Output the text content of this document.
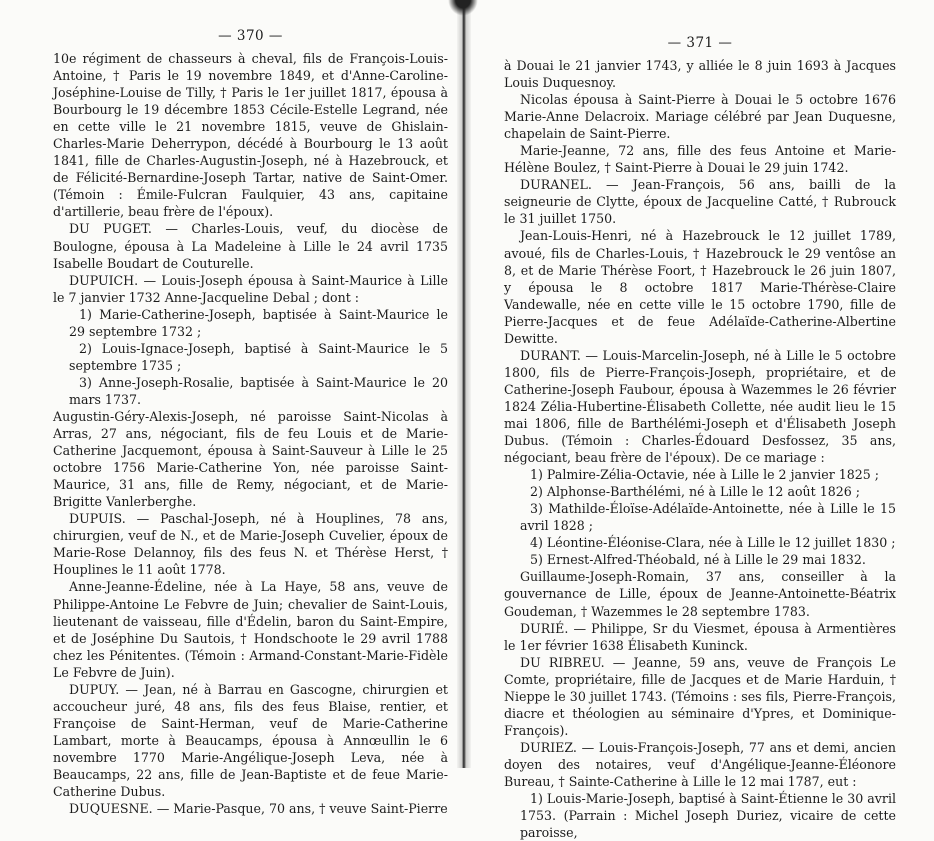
— 370 —

10e régiment de chasseurs à cheval, fils de François-Louis-Antoine, † Paris le 19 novembre 1849, et d'Anne-Caroline-Joséphine-Louise de Tilly, † Paris le 1er juillet 1817, épousa à Bourbourg le 19 décembre 1853 Cécile-Estelle Legrand, née en cette ville le 21 novembre 1815, veuve de Ghislain-Charles-Marie Deherrypon, décédé à Bourbourg le 13 août 1841, fille de Charles-Augustin-Joseph, né à Hazebrouck, et de Félicité-Bernardine-Joseph Tartar, native de Saint-Omer. (Témoin : Émile-Fulcran Faulquier, 43 ans, capitaine d'artillerie, beau frère de l'époux).

DU PUGET. — Charles-Louis, veuf, du diocèse de Boulogne, épousa à La Madeleine à Lille le 24 avril 1735 Isabelle Boudart de Couturelle.

DUPUICH. — Louis-Joseph épousa à Saint-Maurice à Lille le 7 janvier 1732 Anne-Jacqueline Debal ; dont :

1) Marie-Catherine-Joseph, baptisée à Saint-Maurice le 29 septembre 1732 ;

2) Louis-Ignace-Joseph, baptisé à Saint-Maurice le 5 septembre 1735 ;

3) Anne-Joseph-Rosalie, baptisée à Saint-Maurice le 20 mars 1737.

Augustin-Géry-Alexis-Joseph, né paroisse Saint-Nicolas à Arras, 27 ans, négociant, fils de feu Louis et de Marie-Catherine Jacquemont, épousa à Saint-Sauveur à Lille le 25 octobre 1756 Marie-Catherine Yon, née paroisse Saint-Maurice, 31 ans, fille de Remy, négociant, et de Marie-Brigitte Vanlerberghe.

DUPUIS. — Paschal-Joseph, né à Houplines, 78 ans, chirurgien, veuf de N., et de Marie-Joseph Cuvelier, époux de Marie-Rose Delannoy, fils des feus N. et Thérèse Herst, † Houplines le 11 août 1778.

Anne-Jeanne-Édeline, née à La Haye, 58 ans, veuve de Philippe-Antoine Le Febvre de Juin; chevalier de Saint-Louis, lieutenant de vaisseau, fille d'Édelin, baron du Saint-Empire, et de Joséphine Du Sautois, † Hondschoote le 29 avril 1788 chez les Pénitentes. (Témoin : Armand-Constant-Marie-Fidèle Le Febvre de Juin).

DUPUY. — Jean, né à Barrau en Gascogne, chirurgien et accoucheur juré, 48 ans, fils des feus Blaise, rentier, et Françoise de Saint-Herman, veuf de Marie-Catherine Lambart, morte à Beaucamps, épousa à Annœullin le 6 novembre 1770 Marie-Angélique-Joseph Leva, née à Beaucamps, 22 ans, fille de Jean-Baptiste et de feue Marie-Catherine Dubus.

DUQUESNE. — Marie-Pasque, 70 ans, † veuve Saint-Pierre

— 371 —

à Douai le 21 janvier 1743, y alliée le 8 juin 1693 à Jacques Louis Duquesnoy.

Nicolas épousa à Saint-Pierre à Douai le 5 octobre 1676 Marie-Anne Delacroix. Mariage célébré par Jean Duquesne, chapelain de Saint-Pierre.

Marie-Jeanne, 72 ans, fille des feus Antoine et Marie-Hélène Boulez, † Saint-Pierre à Douai le 29 juin 1742.

DURANEL. — Jean-François, 56 ans, bailli de la seigneurie de Clytte, époux de Jacqueline Catté, † Rubrouck le 31 juillet 1750.

Jean-Louis-Henri, né à Hazebrouck le 12 juillet 1789, avoué, fils de Charles-Louis, † Hazebrouck le 29 ventôse an 8, et de Marie Thérèse Foort, † Hazebrouck le 26 juin 1807, y épousa le 8 octobre 1817 Marie-Thérèse-Claire Vandewalle, née en cette ville le 15 octobre 1790, fille de Pierre-Jacques et de feue Adélaïde-Catherine-Albertine Dewitte.

DURANT. — Louis-Marcelin-Joseph, né à Lille le 5 octobre 1800, fils de Pierre-François-Joseph, propriétaire, et de Catherine-Joseph Faubour, épousa à Wazemmes le 26 février 1824 Zélia-Hubertine-Élisabeth Collette, née audit lieu le 15 mai 1806, fille de Barthélémi-Joseph et d'Élisabeth Joseph Dubus. (Témoin : Charles-Édouard Desfossez, 35 ans, négociant, beau frère de l'époux). De ce mariage :

1) Palmire-Zélia-Octavie, née à Lille le 2 janvier 1825 ;

2) Alphonse-Barthélémi, né à Lille le 12 août 1826 ;

3) Mathilde-Éloïse-Adélaïde-Antoinette, née à Lille le 15 avril 1828 ;

4) Léontine-Éléonise-Clara, née à Lille le 12 juillet 1830 ;

5) Ernest-Alfred-Théobald, né à Lille le 29 mai 1832.

Guillaume-Joseph-Romain, 37 ans, conseiller à la gouvernance de Lille, époux de Jeanne-Antoinette-Béatrix Goudeman, † Wazemmes le 28 septembre 1783.

DURIÉ. — Philippe, Sr du Viesmet, épousa à Armentières le 1er février 1638 Élisabeth Kuninck.

DU RIBREU. — Jeanne, 59 ans, veuve de François Le Comte, propriétaire, fille de Jacques et de Marie Harduin, † Nieppe le 30 juillet 1743. (Témoins : ses fils, Pierre-François, diacre et théologien au séminaire d'Ypres, et Dominique-François).

DURIEZ. — Louis-François-Joseph, 77 ans et demi, ancien doyen des notaires, veuf d'Angélique-Jeanne-Éléonore Bureau, † Sainte-Catherine à Lille le 12 mai 1787, eut :

1) Louis-Marie-Joseph, baptisé à Saint-Étienne le 30 avril 1753. (Parrain : Michel Joseph Duriez, vicaire de cette paroisse,
